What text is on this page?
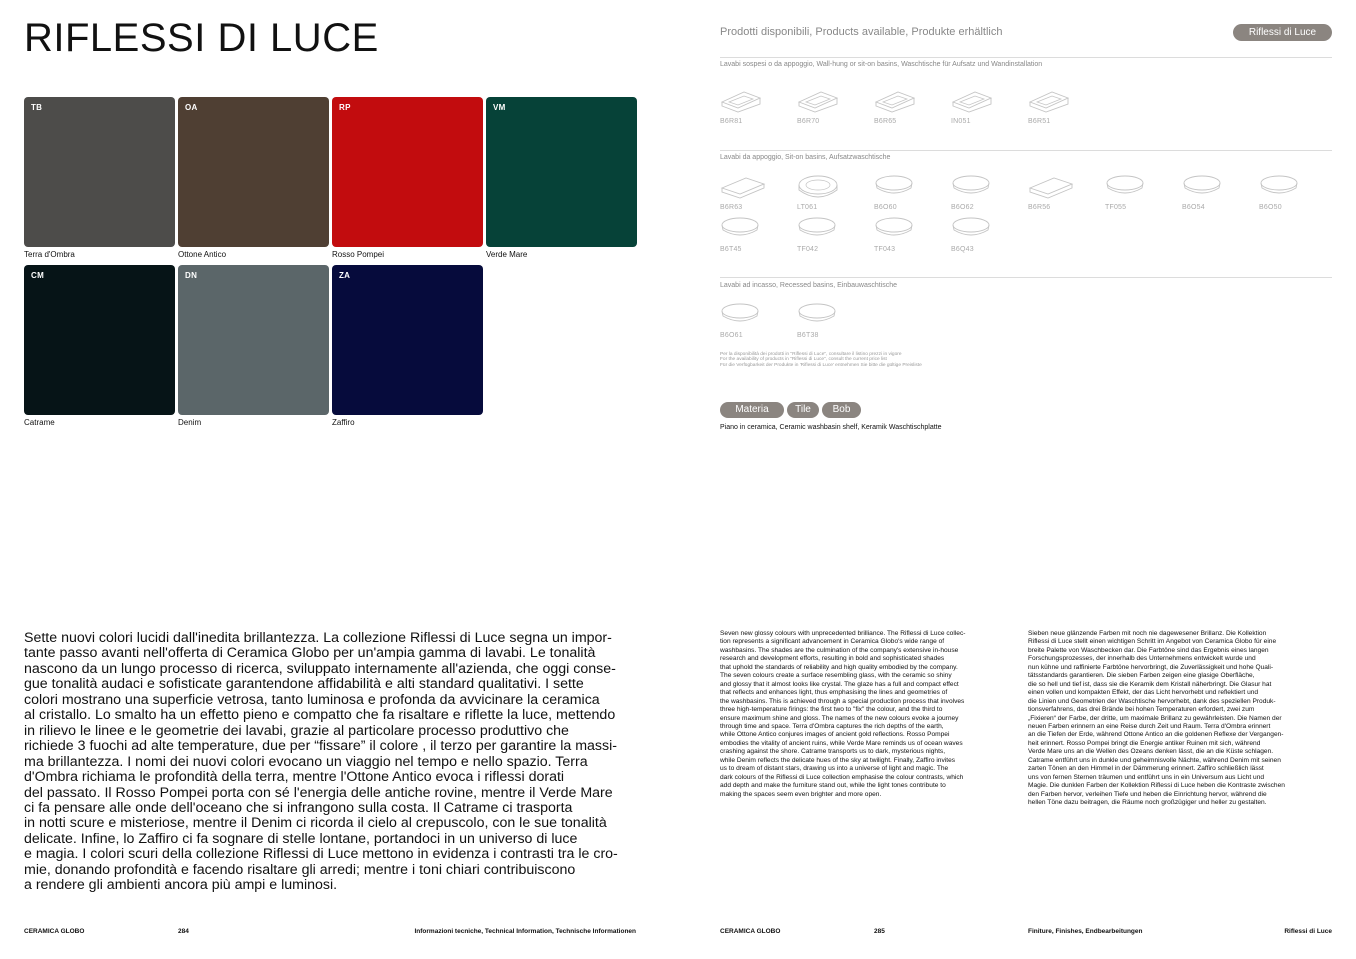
RIFLESSI DI LUCE
TB
Terra d'Ombra
OA
Ottone Antico
RP
Rosso Pompei
VM
Verde Mare
CM
Catrame
DN
Denim
ZA
Zaffiro

Sette nuovi colori lucidi dall'inedita brillantezza. La collezione Riflessi di Luce segna un impor-

tante passo avanti nell'offerta di Ceramica Globo per un'ampia gamma di lavabi. Le tonalità

nascono da un lungo processo di ricerca, sviluppato internamente all'azienda, che oggi conse-

gue tonalità audaci e sofisticate garantendone affidabilità e alti standard qualitativi. I sette

colori mostrano una superficie vetrosa, tanto luminosa e profonda da avvicinare la ceramica

al cristallo. Lo smalto ha un effetto pieno e compatto che fa risaltare e riflette la luce, mettendo

in rilievo le linee e le geometrie dei lavabi, grazie al particolare processo produttivo che

richiede 3 fuochi ad alte temperature, due per “fissare” il colore , il terzo per garantire la massi-

ma brillantezza. I nomi dei nuovi colori evocano un viaggio nel tempo e nello spazio. Terra

d'Ombra richiama le profondità della terra, mentre l'Ottone Antico evoca i riflessi dorati

del passato. Il Rosso Pompei porta con sé l'energia delle antiche rovine, mentre il Verde Mare

ci fa pensare alle onde dell'oceano che si infrangono sulla costa. Il Catrame ci trasporta

in notti scure e misteriose, mentre il Denim ci ricorda il cielo al crepuscolo, con le sue tonalità

delicate. Infine, lo Zaffiro ci fa sognare di stelle lontane, portandoci in un universo di luce

e magia. I colori scuri della collezione Riflessi di Luce mettono in evidenza i contrasti tra le cro-

mie, donando profondità e facendo risaltare gli arredi; mentre i toni chiari contribuiscono

a rendere gli ambienti ancora più ampi e luminosi.

CERAMICA GLOBO	284	Informazioni tecniche, Technical Information, Technische Informationen
Prodotti disponibili, Products available, Produkte erhältlich	Riflessi di Luce
Lavabi sospesi o da appoggio, Wall-hung or sit-on basins, Waschtische für Aufsatz und Wandinstallation
B6R81	B6R70	B6R65	IN051	B6R51
Lavabi da appoggio, Sit-on basins, Aufsatzwaschtische
B6R63	LT061	B6O60	B6O62	B6R56	TF055	B6O54	B6O50
B6T45	TF042	TF043	B6Q43
Lavabi ad incasso, Recessed basins, Einbauwaschtische
B6O61	B6T38

Per la disponibilità dei prodotti in "Riflessi di Luce", consultare il listino prezzi in vigore

For the availability of products in "Riflessi di Luce", consult the current price list

Für die Verfügbarkeit der Produkte in 'Riflessi di Luce' entnehmen Sie bitte die gültige Preisliste

Materia	Tile	Bob
Piano in ceramica, Ceramic washbasin shelf, Keramik Waschtischplatte

Seven new glossy colours with unprecedented brilliance. The Riflessi di Luce collec-

tion represents a significant advancement in Ceramica Globo's wide range of

washbasins. The shades are the culmination of the company's extensive in-house

research and development efforts, resulting in bold and sophisticated shades

that uphold the standards of reliability and high quality embodied by the company.

The seven colours create a surface resembling glass, with the ceramic so shiny

and glossy that it almost looks like crystal. The glaze has a full and compact effect

that reflects and enhances light, thus emphasising the lines and geometries of

the washbasins. This is achieved through a special production process that involves

three high-temperature firings: the first two to "fix" the colour, and the third to

ensure maximum shine and gloss. The names of the new colours evoke a journey

through time and space. Terra d'Ombra captures the rich depths of the earth,

while Ottone Antico conjures images of ancient gold reflections. Rosso Pompei

embodies the vitality of ancient ruins, while Verde Mare reminds us of ocean waves

crashing against the shore. Catrame transports us to dark, mysterious nights,

while Denim reflects the delicate hues of the sky at twilight. Finally, Zaffiro invites

us to dream of distant stars, drawing us into a universe of light and magic. The

dark colours of the Riflessi di Luce collection emphasise the colour contrasts, which

add depth and make the furniture stand out, while the light tones contribute to

making the spaces seem even brighter and more open.

Sieben neue glänzende Farben mit noch nie dagewesener Brillanz. Die Kollektion

Riflessi di Luce stellt einen wichtigen Schritt im Angebot von Ceramica Globo für eine

breite Palette von Waschbecken dar. Die Farbtöne sind das Ergebnis eines langen

Forschungsprozesses, der innerhalb des Unternehmens entwickelt wurde und

nun kühne und raffinierte Farbtöne hervorbringt, die Zuverlässigkeit und hohe Quali-

tätsstandards garantieren. Die sieben Farben zeigen eine glasige Oberfläche,

die so hell und tief ist, dass sie die Keramik dem Kristall näherbringt. Die Glasur hat

einen vollen und kompakten Effekt, der das Licht hervorhebt und reflektiert und

die Linien und Geometrien der Waschtische hervorhebt, dank des speziellen Produk-

tionsverfahrens, das drei Brände bei hohen Temperaturen erfordert, zwei zum

„Fixieren“ der Farbe, der dritte, um maximale Brillanz zu gewährleisten. Die Namen der

neuen Farben erinnern an eine Reise durch Zeit und Raum. Terra d'Ombra erinnert

an die Tiefen der Erde, während Ottone Antico an die goldenen Reflexe der Vergangen-

heit erinnert. Rosso Pompei bringt die Energie antiker Ruinen mit sich, während

Verde Mare uns an die Wellen des Ozeans denken lässt, die an die Küste schlagen.

Catrame entführt uns in dunkle und geheimnisvolle Nächte, während Denim mit seinen

zarten Tönen an den Himmel in der Dämmerung erinnert. Zaffiro schließlich lässt

uns von fernen Sternen träumen und entführt uns in ein Universum aus Licht und

Magie. Die dunklen Farben der Kollektion Riflessi di Luce heben die Kontraste zwischen

den Farben hervor, verleihen Tiefe und heben die Einrichtung hervor, während die

hellen Töne dazu beitragen, die Räume noch großzügiger und heller zu gestalten.

CERAMICA GLOBO	285	Finiture, Finishes, Endbearbeitungen	Riflessi di Luce
